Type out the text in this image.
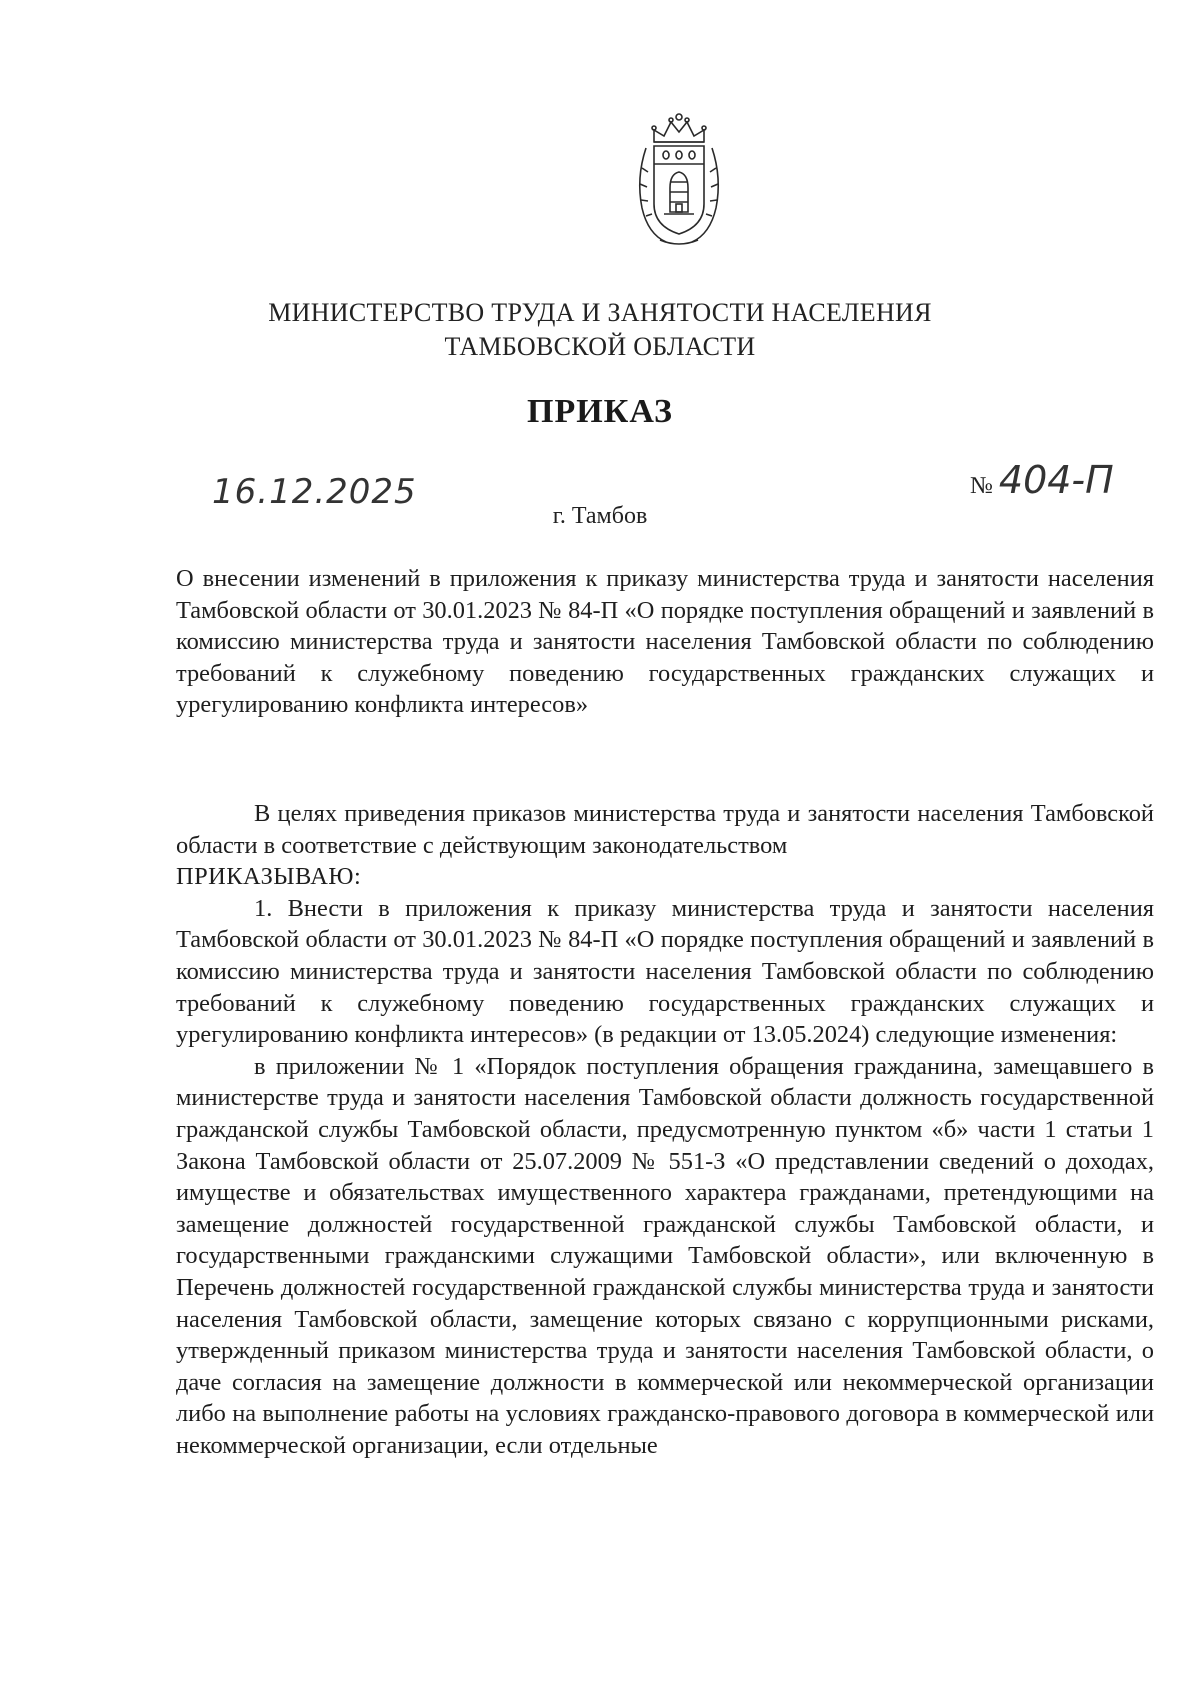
МИНИСТЕРСТВО ТРУДА И ЗАНЯТОСТИ НАСЕЛЕНИЯ
ТАМБОВСКОЙ ОБЛАСТИ
ПРИКАЗ
16.12.2025	№ 404-П
г. Тамбов

О внесении изменений в приложения к приказу министерства труда и занятости населения Тамбовской области от 30.01.2023 № 84-П «О порядке поступления обращений и заявлений в комиссию министерства труда и занятости населения Тамбовской области по соблюдению требований к служебному поведению государственных гражданских служащих и урегулированию конфликта интересов»

В целях приведения приказов министерства труда и занятости населения Тамбовской области в соответствие с действующим законодательством

ПРИКАЗЫВАЮ:

1. Внести в приложения к приказу министерства труда и занятости населения Тамбовской области от 30.01.2023 № 84-П «О порядке поступления обращений и заявлений в комиссию министерства труда и занятости населения Тамбовской области по соблюдению требований к служебному поведению государственных гражданских служащих и урегулированию конфликта интересов» (в редакции от 13.05.2024) следующие изменения:

в приложении № 1 «Порядок поступления обращения гражданина, замещавшего в министерстве труда и занятости населения Тамбовской области должность государственной гражданской службы Тамбовской области, предусмотренную пунктом «б» части 1 статьи 1 Закона Тамбовской области от 25.07.2009 № 551-З «О представлении сведений о доходах, имуществе и обязательствах имущественного характера гражданами, претендующими на замещение должностей государственной гражданской службы Тамбовской области, и государственными гражданскими служащими Тамбовской области», или включенную в Перечень должностей государственной гражданской службы министерства труда и занятости населения Тамбовской области, замещение которых связано с коррупционными рисками, утвержденный приказом министерства труда и занятости населения Тамбовской области, о даче согласия на замещение должности в коммерческой или некоммерческой организации либо на выполнение работы на условиях гражданско-правового договора в коммерческой или некоммерческой организации, если отдельные
